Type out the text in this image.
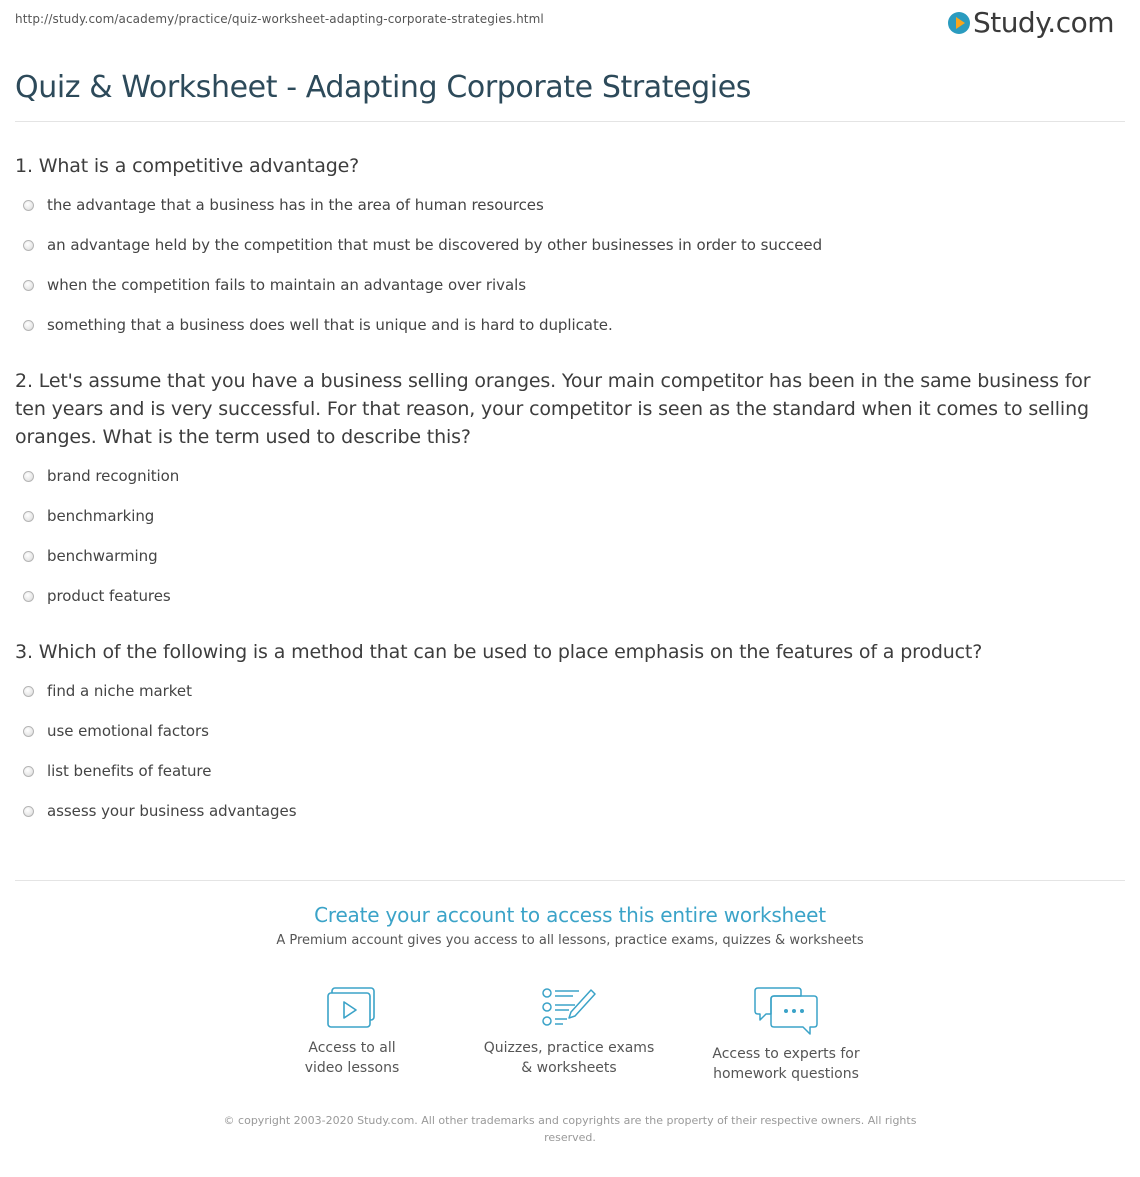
http://study.com/academy/practice/quiz-worksheet-adapting-corporate-strategies.html	Study.com
Quiz & Worksheet - Adapting Corporate Strategies
1. What is a competitive advantage?
the advantage that a business has in the area of human resources
an advantage held by the competition that must be discovered by other businesses in order to succeed
when the competition fails to maintain an advantage over rivals
something that a business does well that is unique and is hard to duplicate.
2. Let's assume that you have a business selling oranges. Your main competitor has been in the same business for ten years and is very successful. For that reason, your competitor is seen as the standard when it comes to selling oranges. What is the term used to describe this?
brand recognition
benchmarking
benchwarming
product features
3. Which of the following is a method that can be used to place emphasis on the features of a product?
find a niche market
use emotional factors
list benefits of feature
assess your business advantages
Create your account to access this entire worksheet
A Premium account gives you access to all lessons, practice exams, quizzes & worksheets
Access to all
video lessons
Quizzes, practice exams
& worksheets
Access to experts for
homework questions
© copyright 2003-2020 Study.com. All other trademarks and copyrights are the property of their respective owners. All rights reserved.
